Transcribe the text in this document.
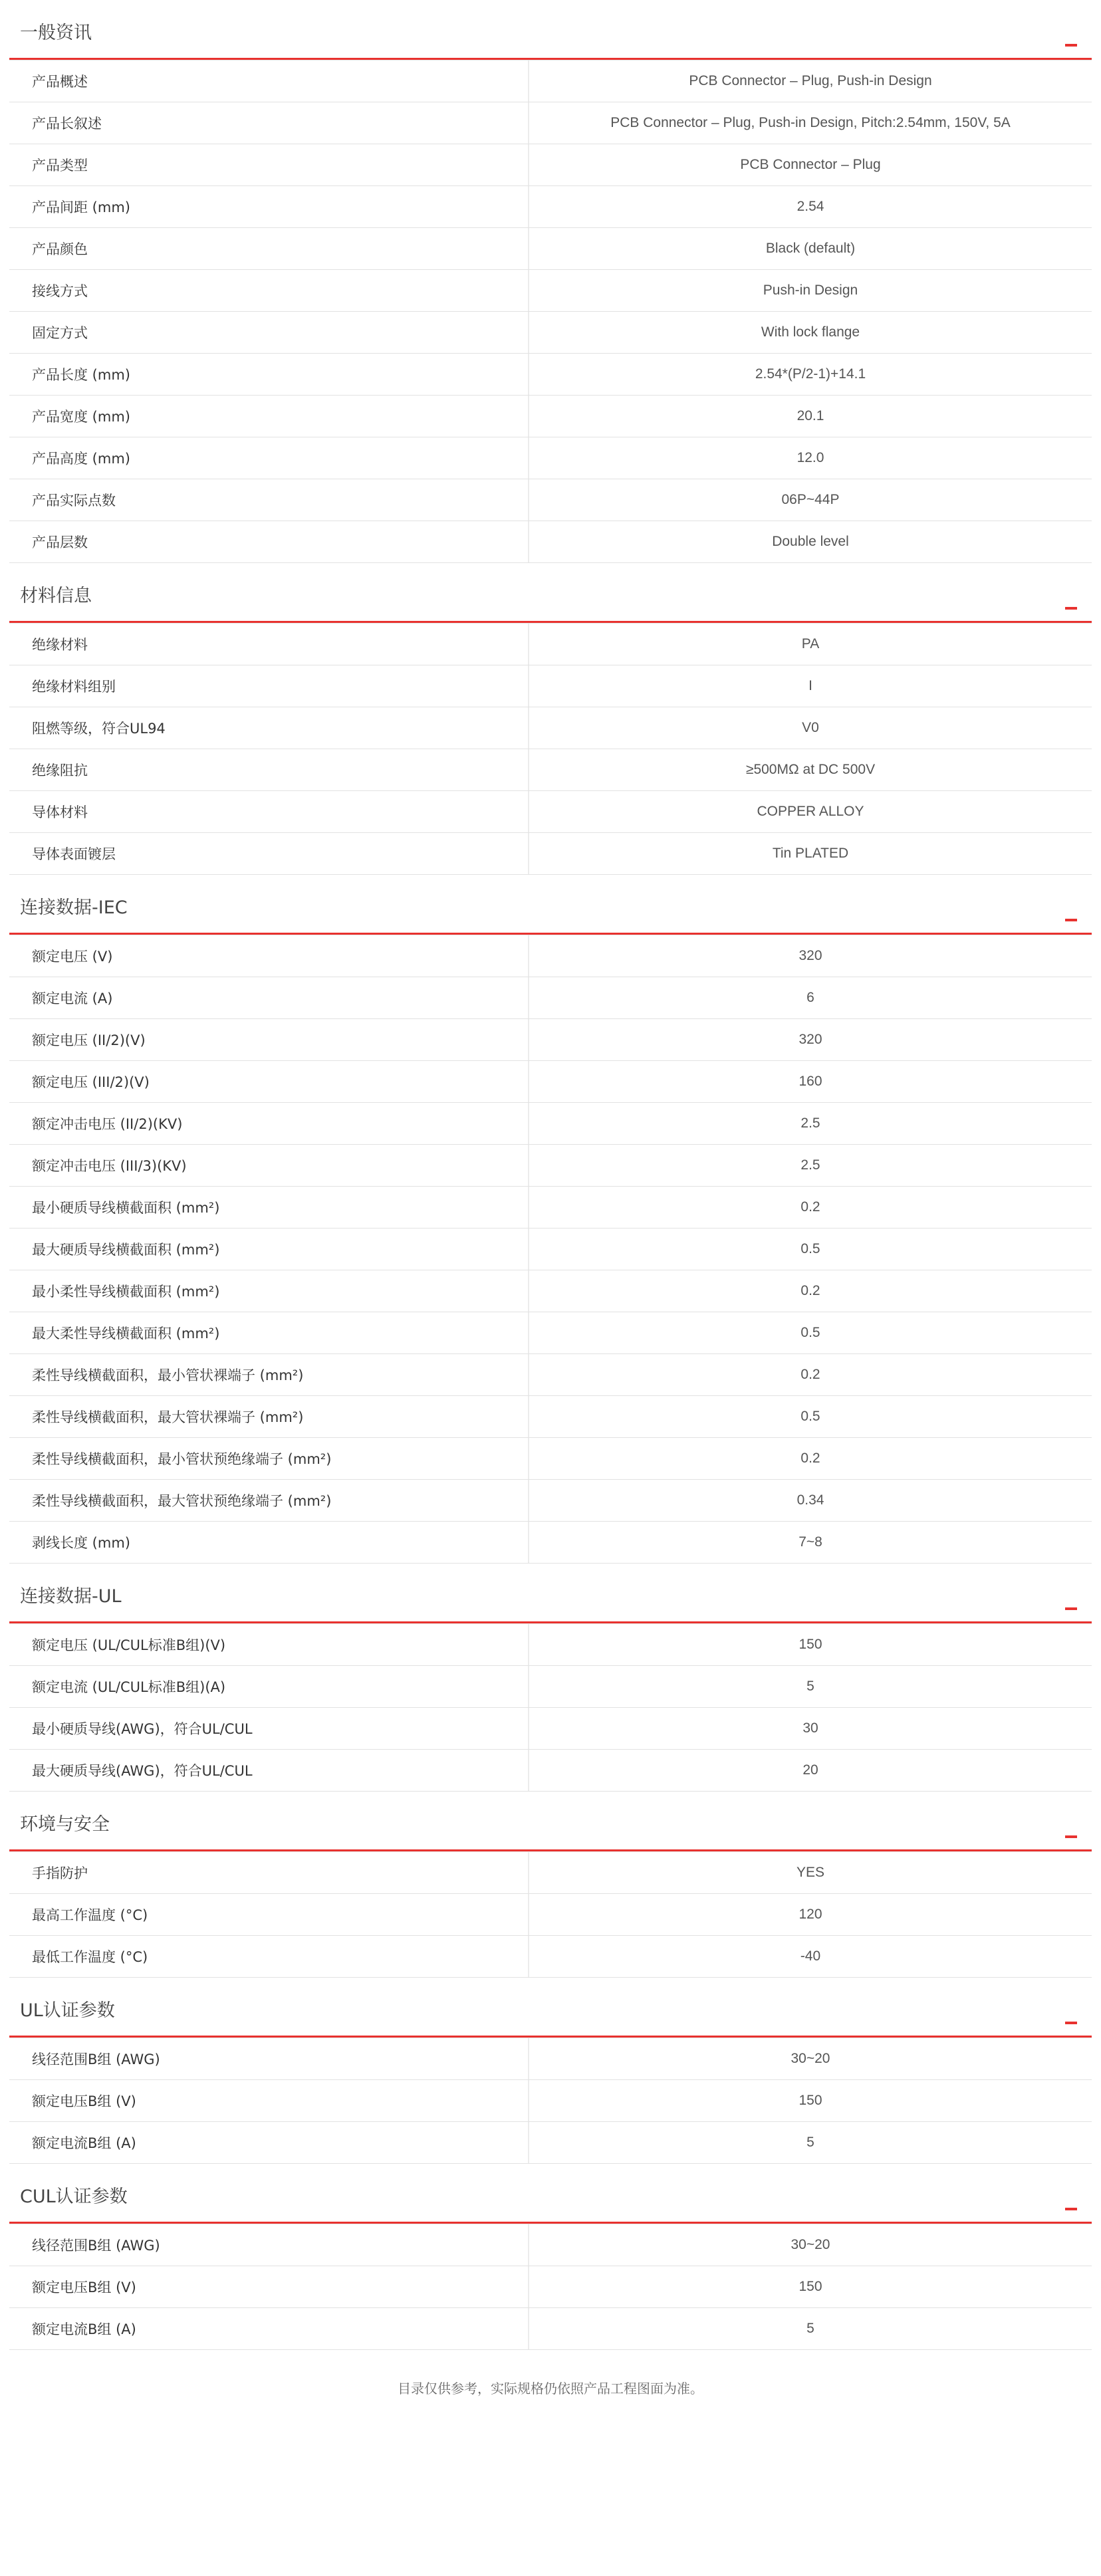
一般资讯
产品概述	PCB Connector – Plug, Push-in Design
产品长叙述	PCB Connector – Plug, Push-in Design, Pitch:2.54mm, 150V, 5A
产品类型	PCB Connector – Plug
产品间距 (mm)	2.54
产品颜色	Black (default)
接线方式	Push-in Design
固定方式	With lock flange
产品长度 (mm)	2.54*(P/2-1)+14.1
产品宽度 (mm)	20.1
产品高度 (mm)	12.0
产品实际点数	06P~44P
产品层数	Double level
材料信息
绝缘材料	PA
绝缘材料组别	I
阻燃等级，符合UL94	V0
绝缘阻抗	≥500MΩ at DC 500V
导体材料	COPPER ALLOY
导体表面镀层	Tin PLATED
连接数据-IEC
额定电压 (V)	320
额定电流 (A)	6
额定电压 (II/2)(V)	320
额定电压 (III/2)(V)	160
额定冲击电压 (II/2)(KV)	2.5
额定冲击电压 (III/3)(KV)	2.5
最小硬质导线横截面积 (mm²)	0.2
最大硬质导线横截面积 (mm²)	0.5
最小柔性导线横截面积 (mm²)	0.2
最大柔性导线横截面积 (mm²)	0.5
柔性导线横截面积，最小管状裸端子 (mm²)	0.2
柔性导线横截面积，最大管状裸端子 (mm²)	0.5
柔性导线横截面积，最小管状预绝缘端子 (mm²)	0.2
柔性导线横截面积，最大管状预绝缘端子 (mm²)	0.34
剥线长度 (mm)	7~8
连接数据-UL
额定电压 (UL/CUL标准B组)(V)	150
额定电流 (UL/CUL标准B组)(A)	5
最小硬质导线(AWG)，符合UL/CUL	30
最大硬质导线(AWG)，符合UL/CUL	20
环境与安全
手指防护	YES
最高工作温度 (°C)	120
最低工作温度 (°C)	-40
UL认证参数
线径范围B组 (AWG)	30~20
额定电压B组 (V)	150
额定电流B组 (A)	5
CUL认证参数
线径范围B组 (AWG)	30~20
额定电压B组 (V)	150
额定电流B组 (A)	5
目录仅供参考，实际规格仍依照产品工程图面为准。
